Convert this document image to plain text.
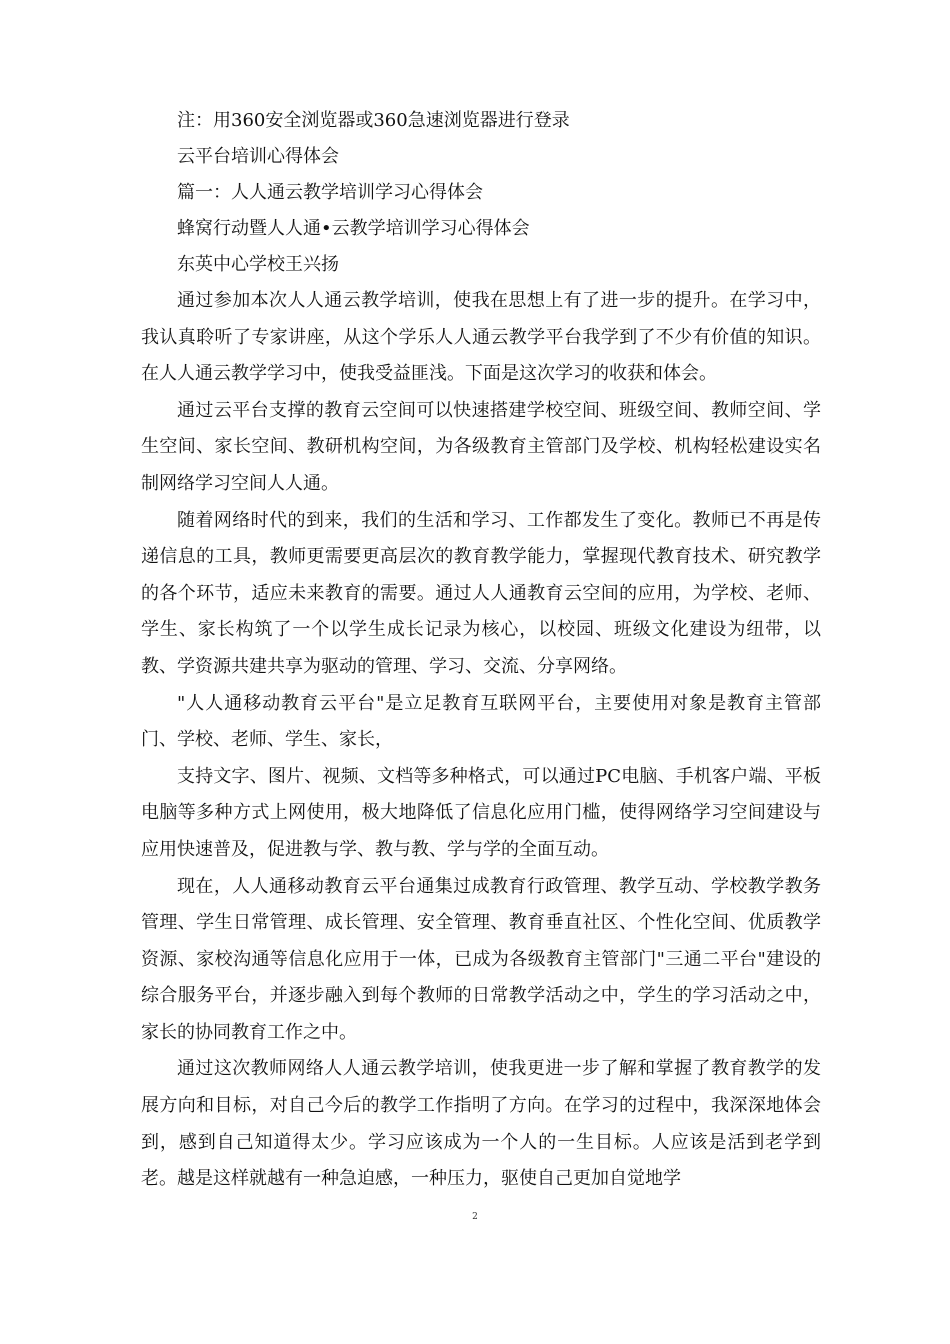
注：用360安全浏览器或360急速浏览器进行登录
云平台培训心得体会
篇一：人人通云教学培训学习心得体会
蜂窝行动暨人人通•云教学培训学习心得体会
东英中心学校王兴扬

通过参加本次人人通云教学培训，使我在思想上有了进一步的提升。在学习中，我认真聆听了专家讲座，从这个学乐人人通云教学平台我学到了不少有价值的知识。在人人通云教学学习中，使我受益匪浅。下面是这次学习的收获和体会。

通过云平台支撑的教育云空间可以快速搭建学校空间、班级空间、教师空间、学生空间、家长空间、教研机构空间，为各级教育主管部门及学校、机构轻松建设实名制网络学习空间人人通。

随着网络时代的到来，我们的生活和学习、工作都发生了变化。教师已不再是传递信息的工具，教师更需要更高层次的教育教学能力，掌握现代教育技术、研究教学的各个环节，适应未来教育的需要。通过人人通教育云空间的应用，为学校、老师、学生、家长构筑了一个以学生成长记录为核心，以校园、班级文化建设为纽带，以教、学资源共建共享为驱动的管理、学习、交流、分享网络。

"人人通移动教育云平台"是立足教育互联网平台，主要使用对象是教育主管部门、学校、老师、学生、家长，

支持文字、图片、视频、文档等多种格式，可以通过PC电脑、手机客户端、平板电脑等多种方式上网使用，极大地降低了信息化应用门槛，使得网络学习空间建设与应用快速普及，促进教与学、教与教、学与学的全面互动。

现在，人人通移动教育云平台通集过成教育行政管理、教学互动、学校教学教务管理、学生日常管理、成长管理、安全管理、教育垂直社区、个性化空间、优质教学资源、家校沟通等信息化应用于一体，已成为各级教育主管部门"三通二平台"建设的综合服务平台，并逐步融入到每个教师的日常教学活动之中，学生的学习活动之中，家长的协同教育工作之中。

通过这次教师网络人人通云教学培训，使我更进一步了解和掌握了教育教学的发展方向和目标，对自己今后的教学工作指明了方向。在学习的过程中，我深深地体会到，感到自己知道得太少。学习应该成为一个人的一生目标。人应该是活到老学到老。越是这样就越有一种急迫感，一种压力，驱使自己更加自觉地学

2
